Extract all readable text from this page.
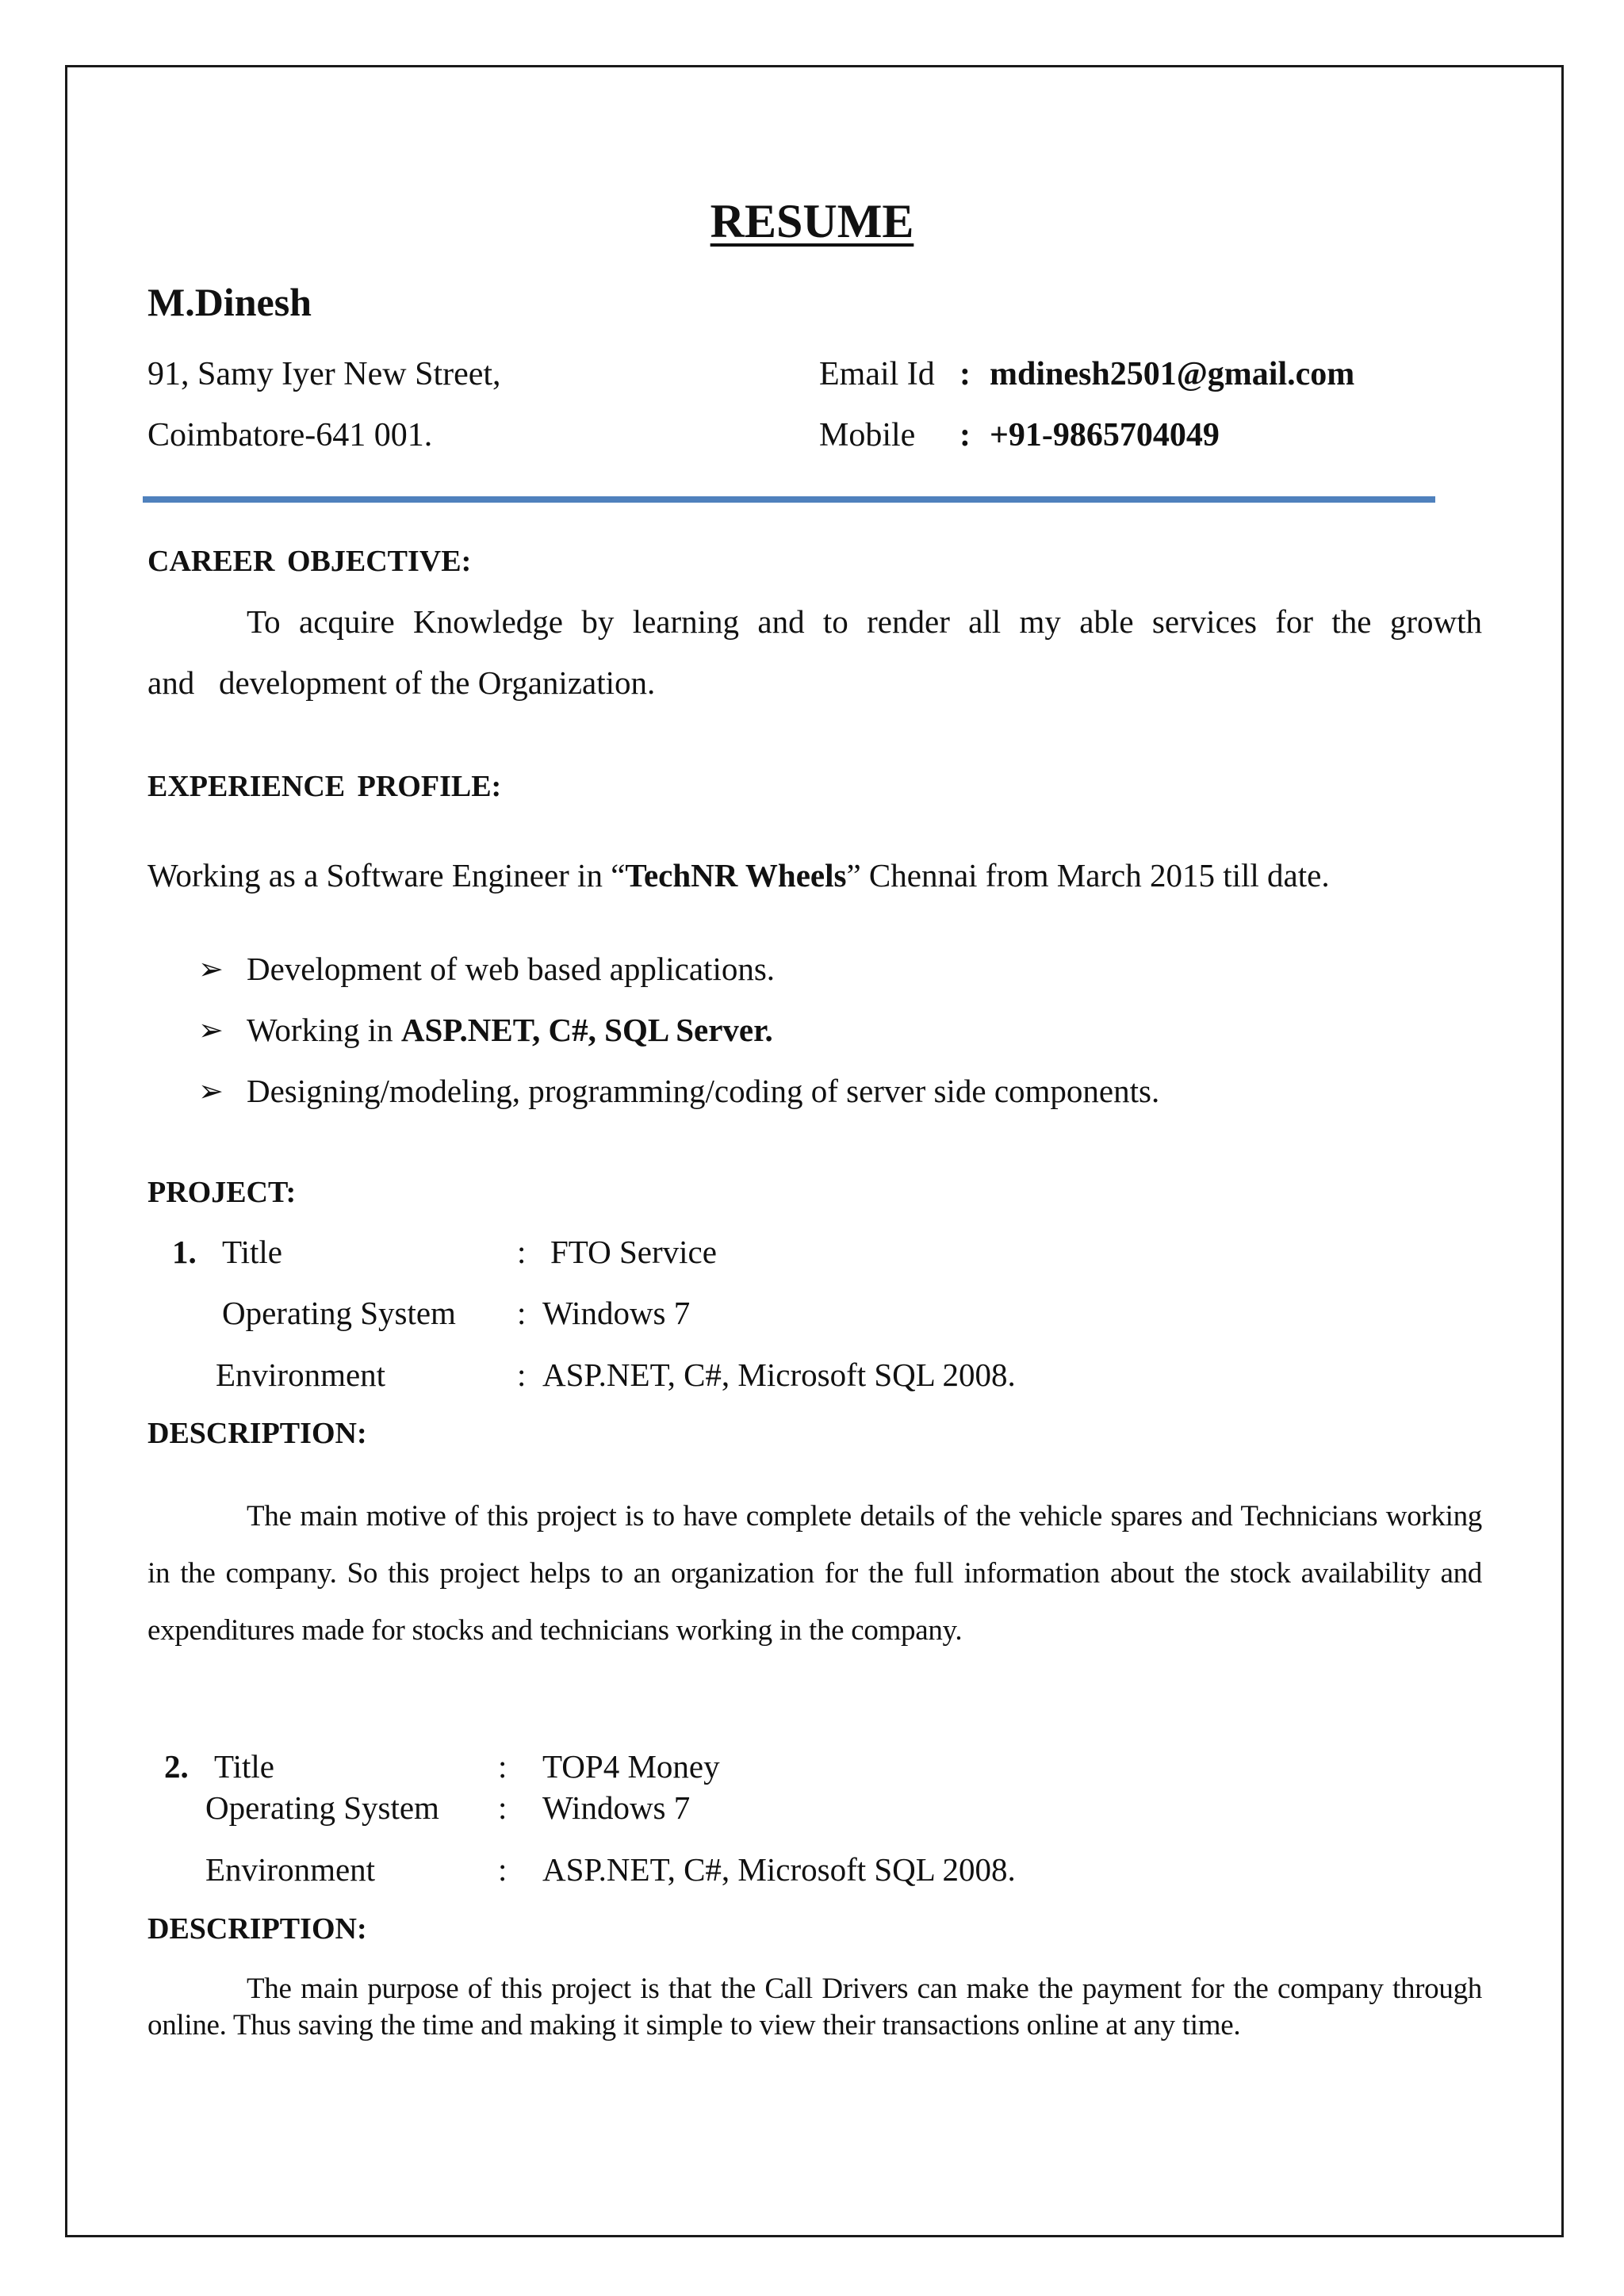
RESUME
M.Dinesh
91, Samy Iyer New Street,
Coimbatore-641 001.
Email Id : mdinesh2501@gmail.com
Mobile : +91-9865704049
CAREER OBJECTIVE:
To acquire Knowledge by learning and to render all my able services for the growth
and   development of the Organization.
EXPERIENCE PROFILE:
Working as a Software Engineer in “TechNR Wheels” Chennai from March 2015 till date.
➢ Development of web based applications.
➢ Working in ASP.NET, C#, SQL Server.
➢ Designing/modeling, programming/coding of server side components.
PROJECT:
1. Title	: FTO Service
Operating System : Windows 7
Environment	: ASP.NET, C#, Microsoft SQL 2008.
DESCRIPTION:
The main motive of this project is to have complete details of the vehicle spares and Technicians working in the company. So this project helps to an organization for the full information about the stock availability and expenditures made for stocks and technicians working in the company.
2. Title	: TOP4 Money
Operating System : Windows 7
Environment	: ASP.NET, C#, Microsoft SQL 2008.
DESCRIPTION:
The main purpose of this project is that the Call Drivers can make the payment for the company through online. Thus saving the time and making it simple to view their transactions online at any time.
